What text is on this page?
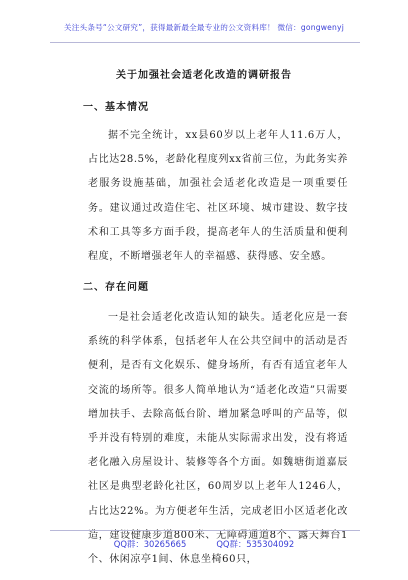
关注头条号“公文研究”，获得最新最全最专业的公文资料库！ 微信：gongwenyj
关于加强社会适老化改造的调研报告
一、基本情况

据不完全统计，xx县60岁以上老年人11.6万人，占比达28.5%，老龄化程度列xx省前三位，为此务实养老服务设施基础，加强社会适老化改造是一项重要任务。建议通过改造住宅、社区环境、城市建设、数字技术和工具等多方面手段，提高老年人的生活质量和便利程度，不断增强老年人的幸福感、获得感、安全感。

二、存在问题

一是社会适老化改造认知的缺失。适老化应是一套系统的科学体系，包括老年人在公共空间中的活动是否便利，是否有文化娱乐、健身场所，有否有适宜老年人交流的场所等。很多人简单地认为“适老化改造”只需要增加扶手、去除高低台阶、增加紧急呼叫的产品等，似乎并没有特别的难度，未能从实际需求出发，没有将适老化融入房屋设计、装修等各个方面。如魏塘街道嘉辰社区是典型老龄化社区，60周岁以上老年人1246人，占比达22%。为方便老年生活，完成老旧小区适老化改造，建设健康步道800米、无障碍通道8个、露天舞台1个、休闲凉亭1间、休息坐椅60只，

QQ群：30265665	QQ群：535304092
